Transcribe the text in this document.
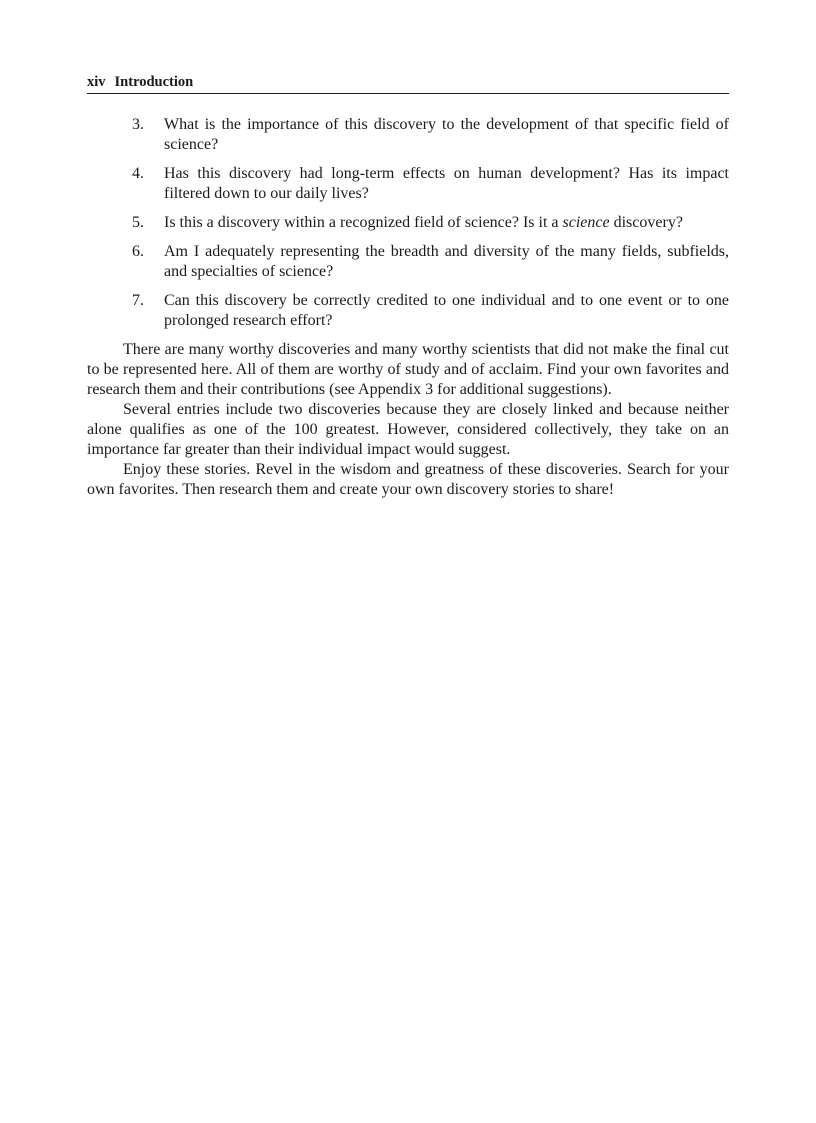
xiv Introduction
3. What is the importance of this discovery to the development of that specific field of science?
4. Has this discovery had long-term effects on human development? Has its impact filtered down to our daily lives?
5. Is this a discovery within a recognized field of science? Is it a science discovery?
6. Am I adequately representing the breadth and diversity of the many fields, subfields, and specialties of science?
7. Can this discovery be correctly credited to one individual and to one event or to one prolonged research effort?

There are many worthy discoveries and many worthy scientists that did not make the final cut to be represented here. All of them are worthy of study and of acclaim. Find your own favorites and research them and their contributions (see Appendix 3 for additional suggestions).

Several entries include two discoveries because they are closely linked and because neither alone qualifies as one of the 100 greatest. However, considered collectively, they take on an importance far greater than their individual impact would suggest.

Enjoy these stories. Revel in the wisdom and greatness of these discoveries. Search for your own favorites. Then research them and create your own discovery stories to share!
